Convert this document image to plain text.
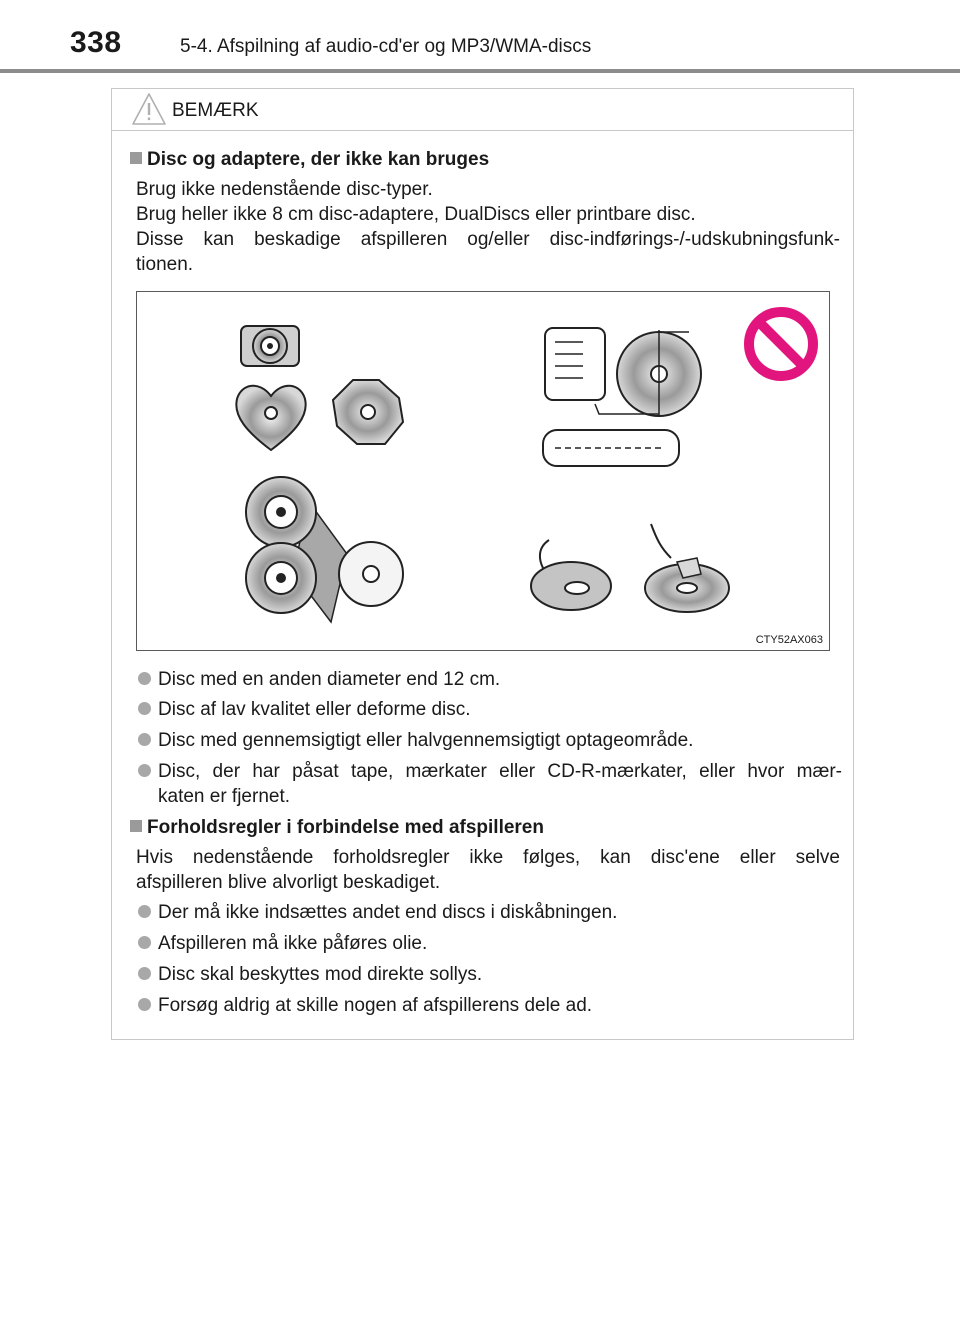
338	5-4. Afspilning af audio-cd'er og MP3/WMA-discs
BEMÆRK
Disc og adaptere, der ikke kan bruges
Brug ikke nedenstående disc-typer.
Brug heller ikke 8 cm disc-adaptere, DualDiscs eller printbare disc.
Disse kan beskadige afspilleren og/eller disc-indførings-/-udskubningsfunk-
tionen.
CTY52AX063
Disc med en anden diameter end 12 cm.
Disc af lav kvalitet eller deforme disc.
Disc med gennemsigtigt eller halvgennemsigtigt optageområde.
Disc, der har påsat tape, mærkater eller CD-R-mærkater, eller hvor mær-
katen er fjernet.
Forholdsregler i forbindelse med afspilleren
Hvis nedenstående forholdsregler ikke følges, kan disc'ene eller selve
afspilleren blive alvorligt beskadiget.
Der må ikke indsættes andet end discs i diskåbningen.
Afspilleren må ikke påføres olie.
Disc skal beskyttes mod direkte sollys.
Forsøg aldrig at skille nogen af afspillerens dele ad.
